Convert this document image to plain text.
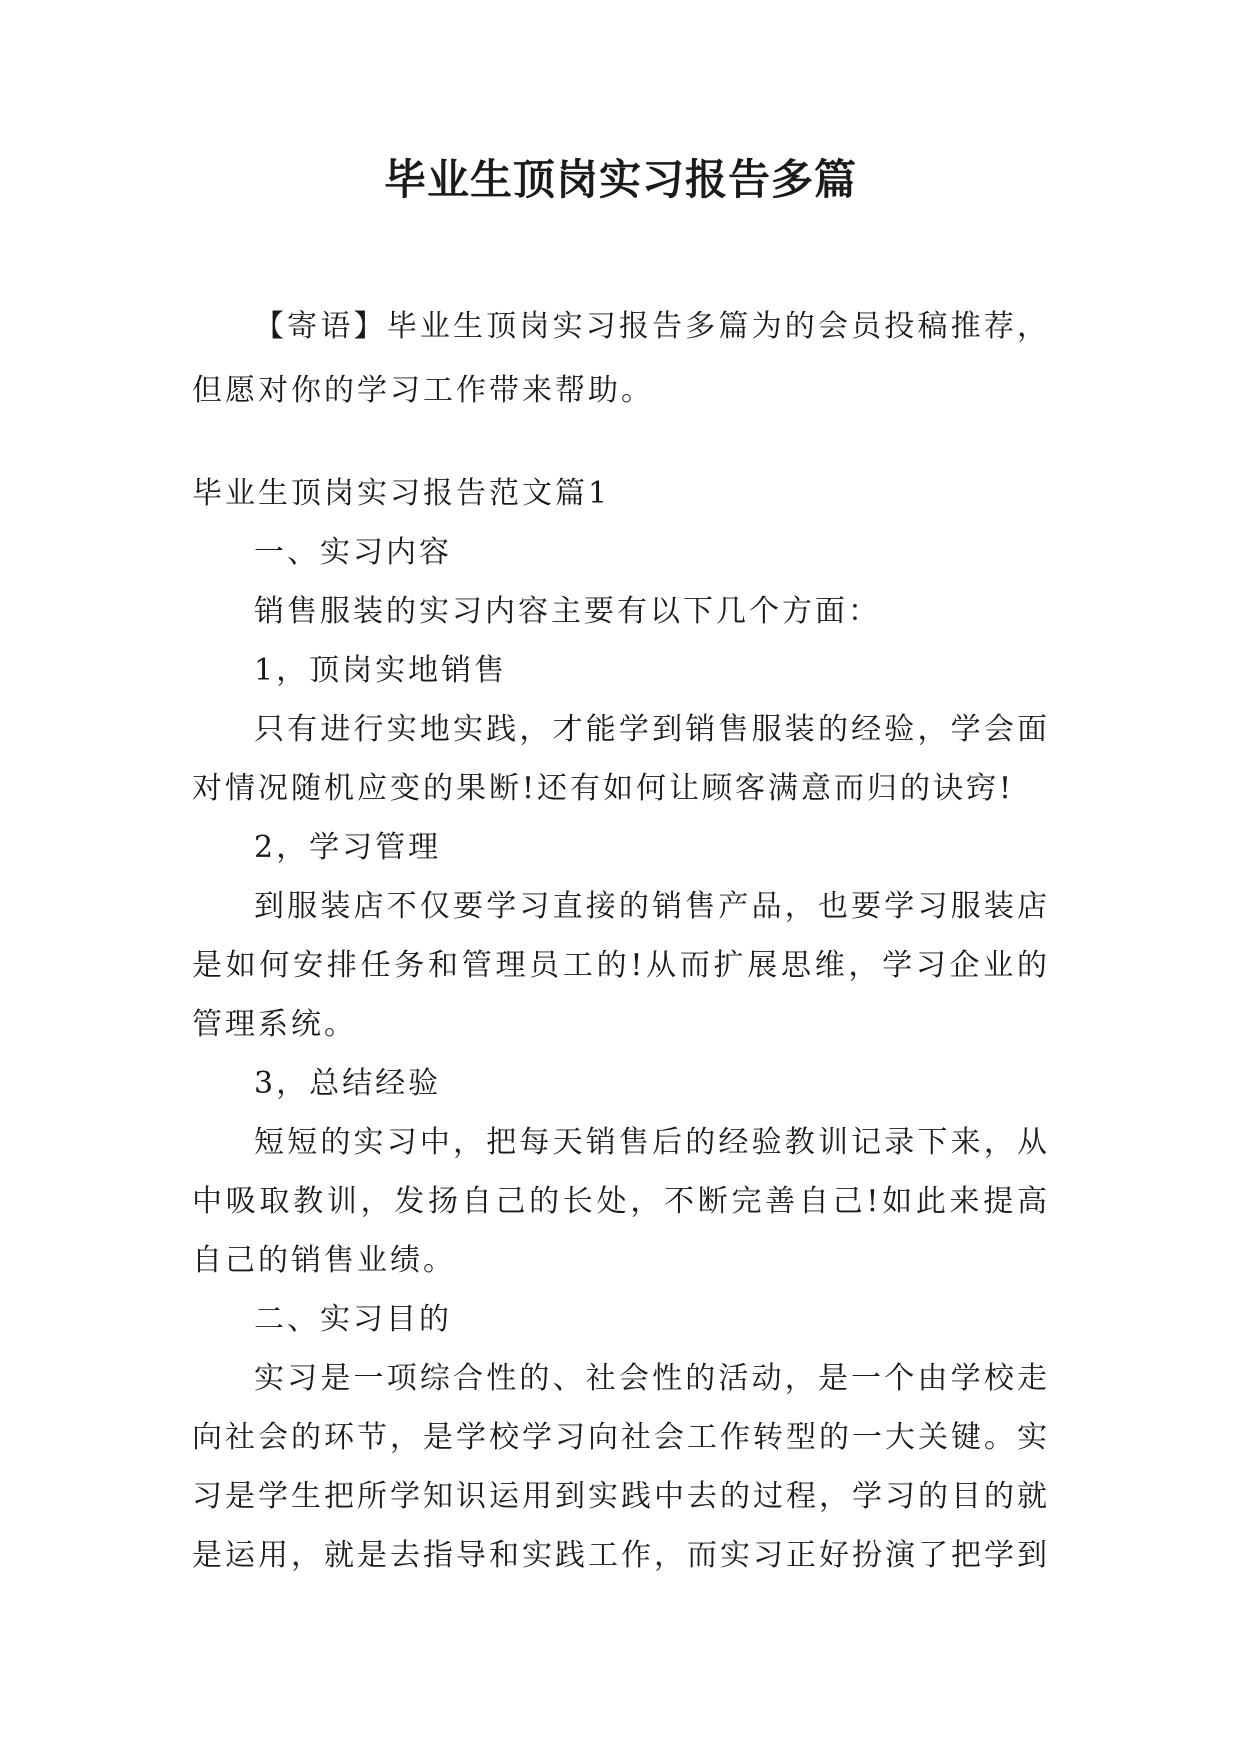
毕业生顶岗实习报告多篇

【寄语】毕业生顶岗实习报告多篇为的会员投稿推荐，但愿对你的学习工作带来帮助。

毕业生顶岗实习报告范文篇1

一、实习内容

销售服装的实习内容主要有以下几个方面：

1，顶岗实地销售

只有进行实地实践，才能学到销售服装的经验，学会面对情况随机应变的果断!还有如何让顾客满意而归的诀窍!

2，学习管理

到服装店不仅要学习直接的销售产品，也要学习服装店是如何安排任务和管理员工的!从而扩展思维，学习企业的管理系统。

3，总结经验

短短的实习中，把每天销售后的经验教训记录下来，从中吸取教训，发扬自己的长处，不断完善自己!如此来提高自己的销售业绩。

二、实习目的

实习是一项综合性的、社会性的活动，是一个由学校走向社会的环节，是学校学习向社会工作转型的一大关键。实习是学生把所学知识运用到实践中去的过程，学习的目的就是运用，就是去指导和实践工作，而实习正好扮演了把学到
